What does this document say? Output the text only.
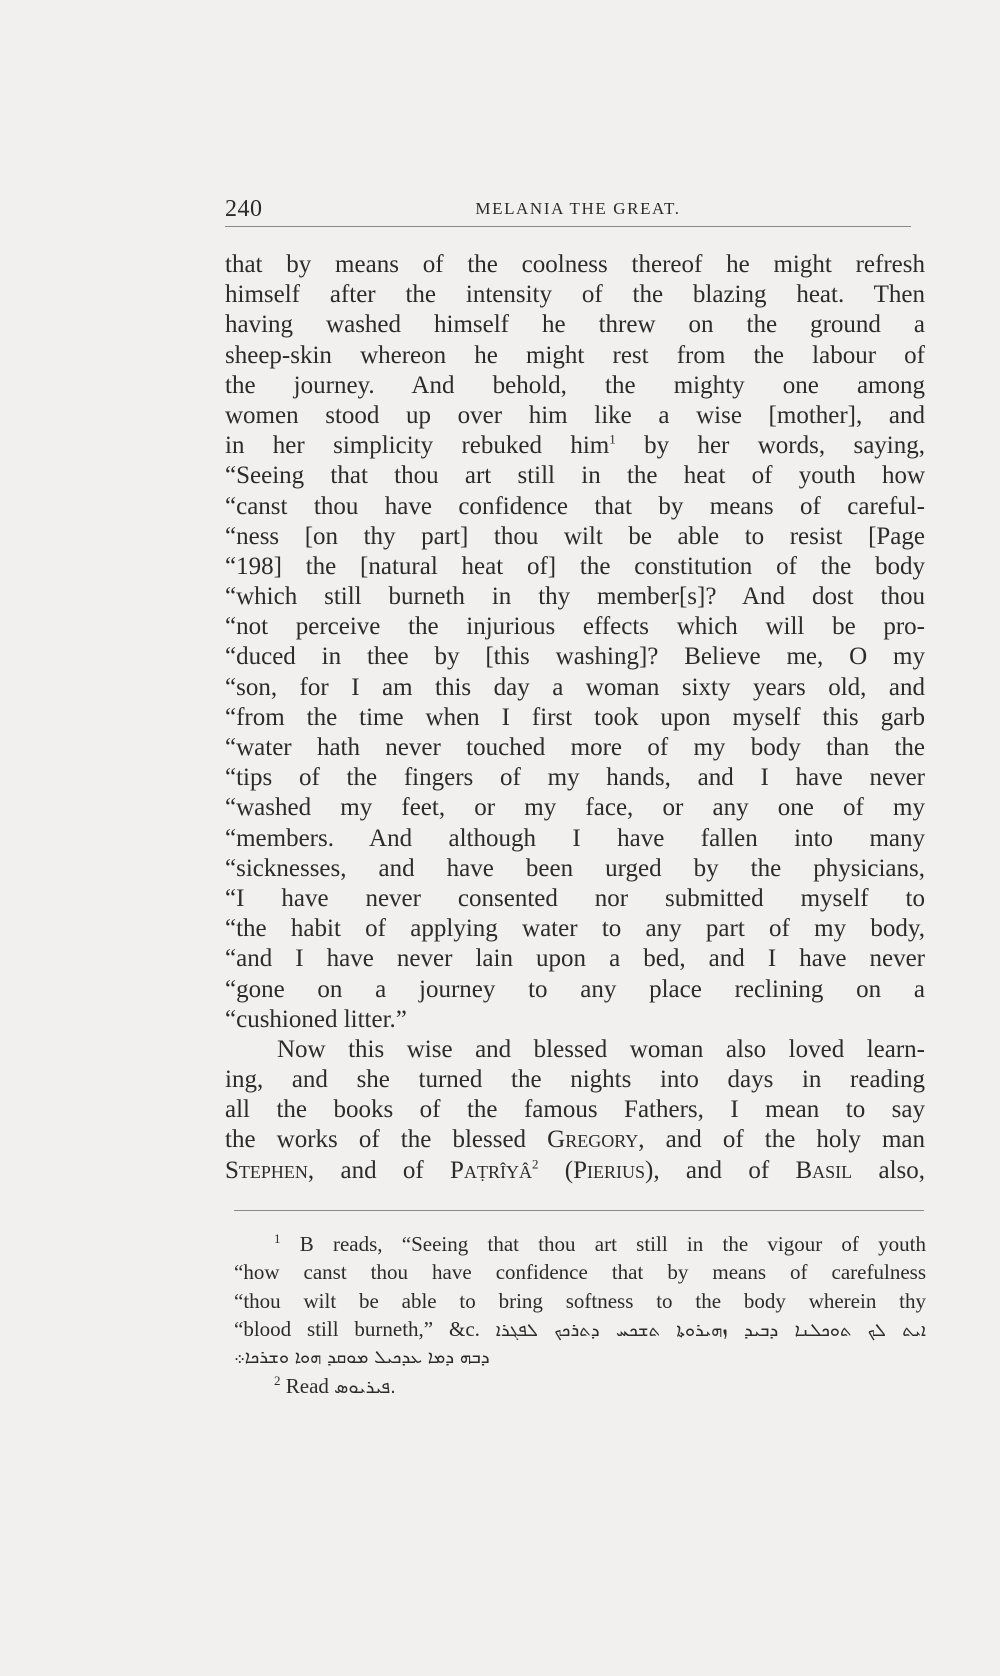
240	MELANIA THE GREAT.
that by means of the coolness thereof he might refresh
himself after the intensity of the blazing heat. Then
having washed himself he threw on the ground a
sheep-skin whereon he might rest from the labour of
the journey. And behold, the mighty one among
women stood up over him like a wise [mother], and
in her simplicity rebuked him$^1$ by her words, saying,
“Seeing that thou art still in the heat of youth how
“canst thou have confidence that by means of careful-
“ness [on thy part] thou wilt be able to resist [Page
“198] the [natural heat of] the constitution of the body
“which still burneth in thy member[s]? And dost thou
“not perceive the injurious effects which will be pro-
“duced in thee by [this washing]? Believe me, O my
“son, for I am this day a woman sixty years old, and
“from the time when I first took upon myself this garb
“water hath never touched more of my body than the
“tips of the fingers of my hands, and I have never
“washed my feet, or my face, or any one of my
“members. And although I have fallen into many
“sicknesses, and have been urged by the physicians,
“I have never consented nor submitted myself to
“the habit of applying water to any part of my body,
“and I have never lain upon a bed, and I have never
“gone on a journey to any place reclining on a
“cushioned litter.”
Now this wise and blessed woman also loved learn-
ing, and she turned the nights into days in reading
all the books of the famous Fathers, I mean to say
the works of the blessed Gregory, and of the holy man
Stephen, and of Paṭrîyâ$^2$ (Pierius), and of Basil also,
$^1$ B reads, “Seeing that thou art still in the vigour of youth
“how canst thou have confidence that by means of carefulness
“thou wilt be able to bring softness to the body wherein thy
“blood still burneth,” &c. ܐܝܬ ܠܟ ܬܘܟܠܢܐ ܕܒܝܕ ܙܗܝܪܘܬܐ ܬܫܟܚ ܕܬܪܟܟ ܠܦܓܪܐ
ܕܒܗ ܕܡܐ ܥܕܟܝܠ ܡܘܩܕ ܗܘܐ ܘܫܪܟܐ܀
$^2$ Read ܦܝܪܝܘܣ.
